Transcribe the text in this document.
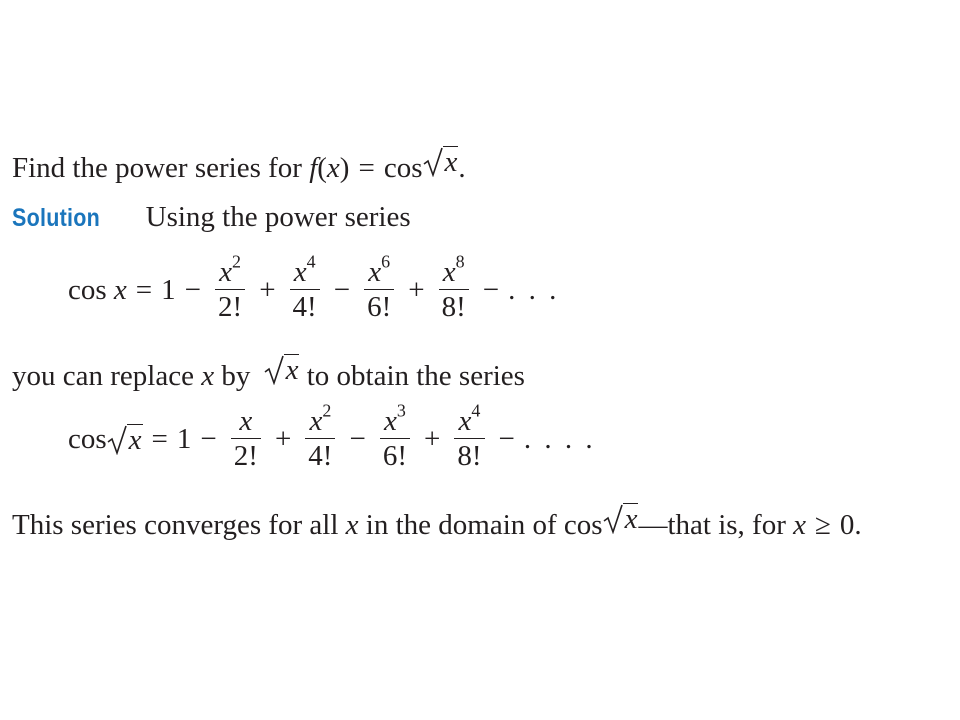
Find the power series for f(x) = cos x .
Solution Using the power series
cos
$x = 1 - \frac{x^2}{2!} + \frac{x^4}{4!} - \frac{x^6}{6!} + \frac{x^8}{8!}$ − . . .
you can replace x by x to obtain the series
$\cos x = 1 - \frac{x}{2!} + \frac{x^2}{4!} - \frac{x^3}{6!} + \frac{x^4}{8!}$ − . . . .
This series converges for all x in the domain of cos x —that is, for x ≥ 0.
